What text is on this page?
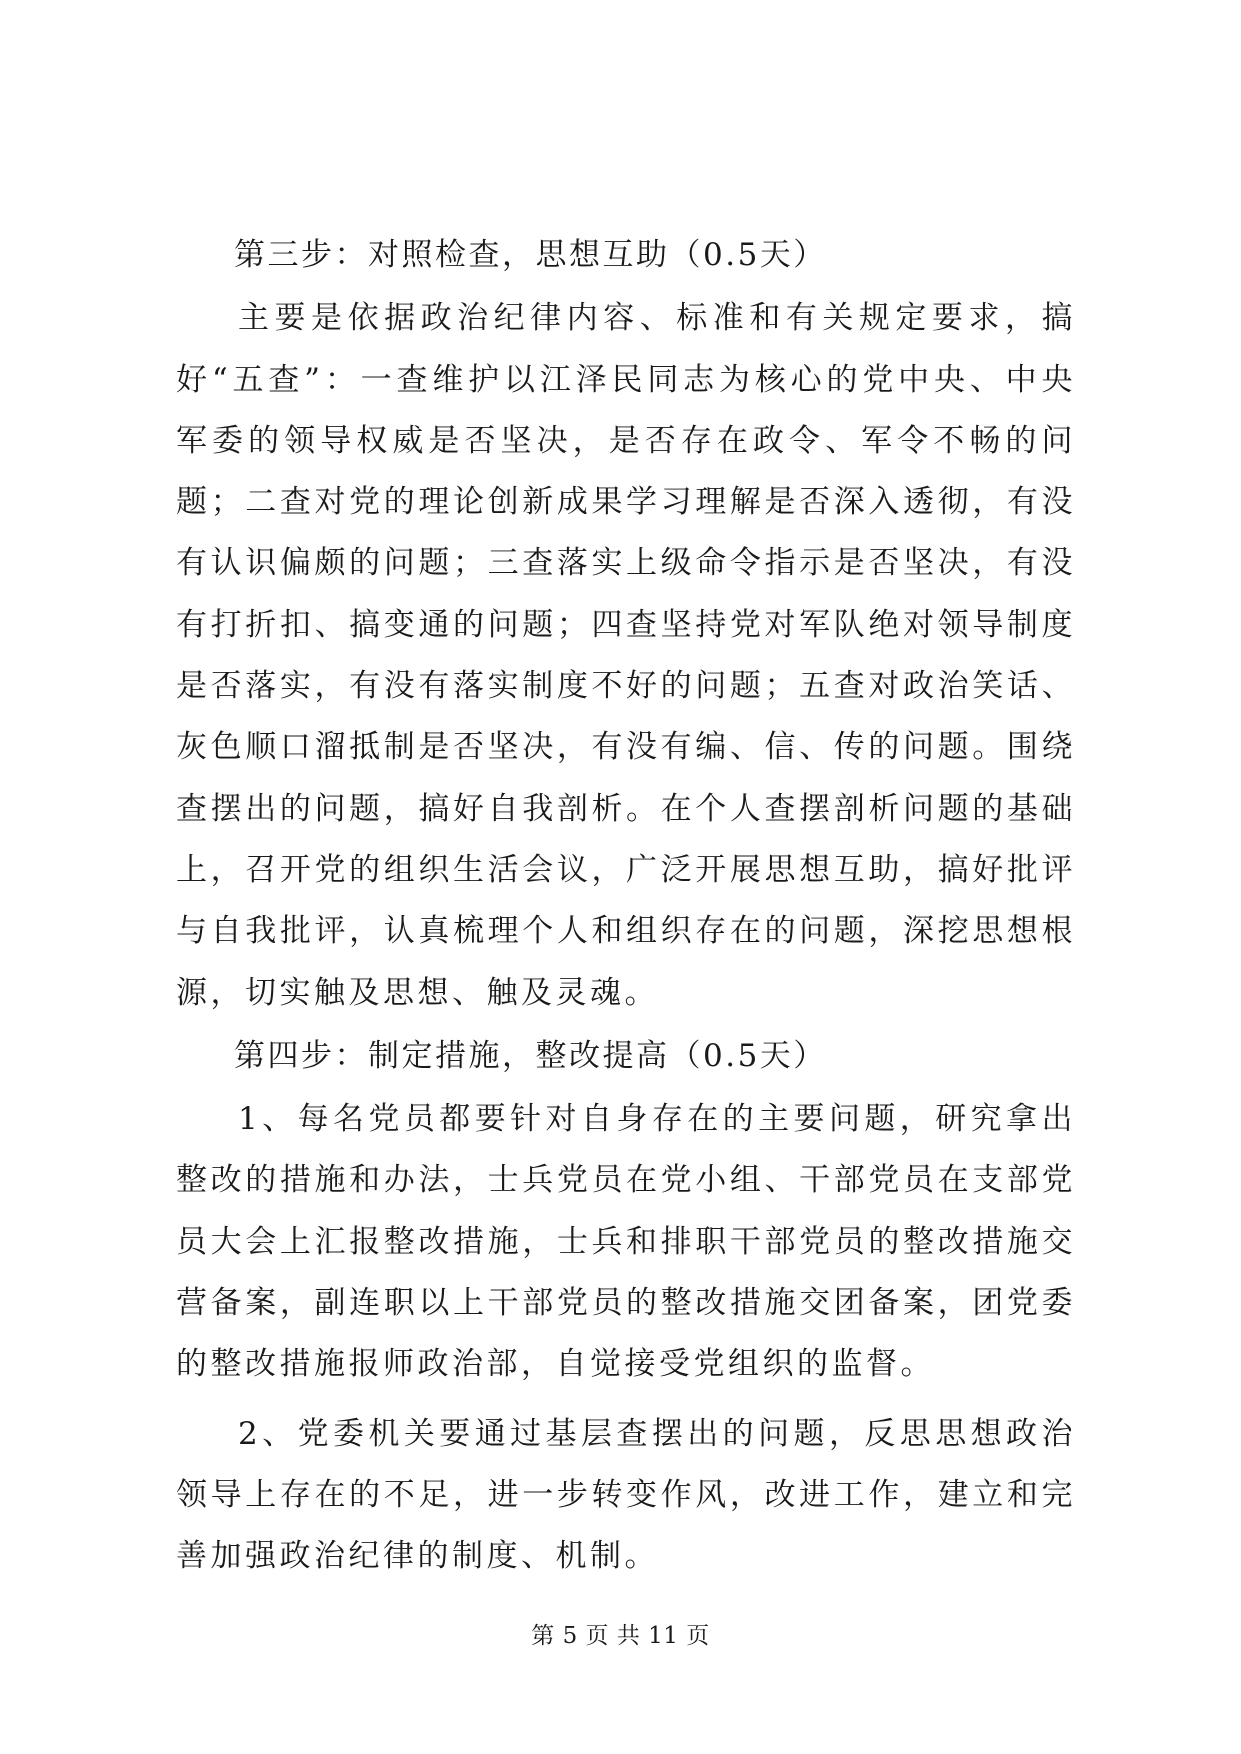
第三步：对照检查，思想互助（0.5天）

主要是依据政治纪律内容、标准和有关规定要求，搞好“五查”：一查维护以江泽民同志为核心的党中央、中央军委的领导权威是否坚决，是否存在政令、军令不畅的问题；二查对党的理论创新成果学习理解是否深入透彻，有没有认识偏颇的问题；三查落实上级命令指示是否坚决，有没有打折扣、搞变通的问题；四查坚持党对军队绝对领导制度是否落实，有没有落实制度不好的问题；五查对政治笑话、灰色顺口溜抵制是否坚决，有没有编、信、传的问题。围绕查摆出的问题，搞好自我剖析。在个人查摆剖析问题的基础上，召开党的组织生活会议，广泛开展思想互助，搞好批评与自我批评，认真梳理个人和组织存在的问题，深挖思想根源，切实触及思想、触及灵魂。

第四步：制定措施，整改提高（0.5天）

1、每名党员都要针对自身存在的主要问题，研究拿出整改的措施和办法，士兵党员在党小组、干部党员在支部党员大会上汇报整改措施，士兵和排职干部党员的整改措施交营备案，副连职以上干部党员的整改措施交团备案，团党委的整改措施报师政治部，自觉接受党组织的监督。

2、党委机关要通过基层查摆出的问题，反思思想政治领导上存在的不足，进一步转变作风，改进工作，建立和完善加强政治纪律的制度、机制。

第 5 页 共 11 页
